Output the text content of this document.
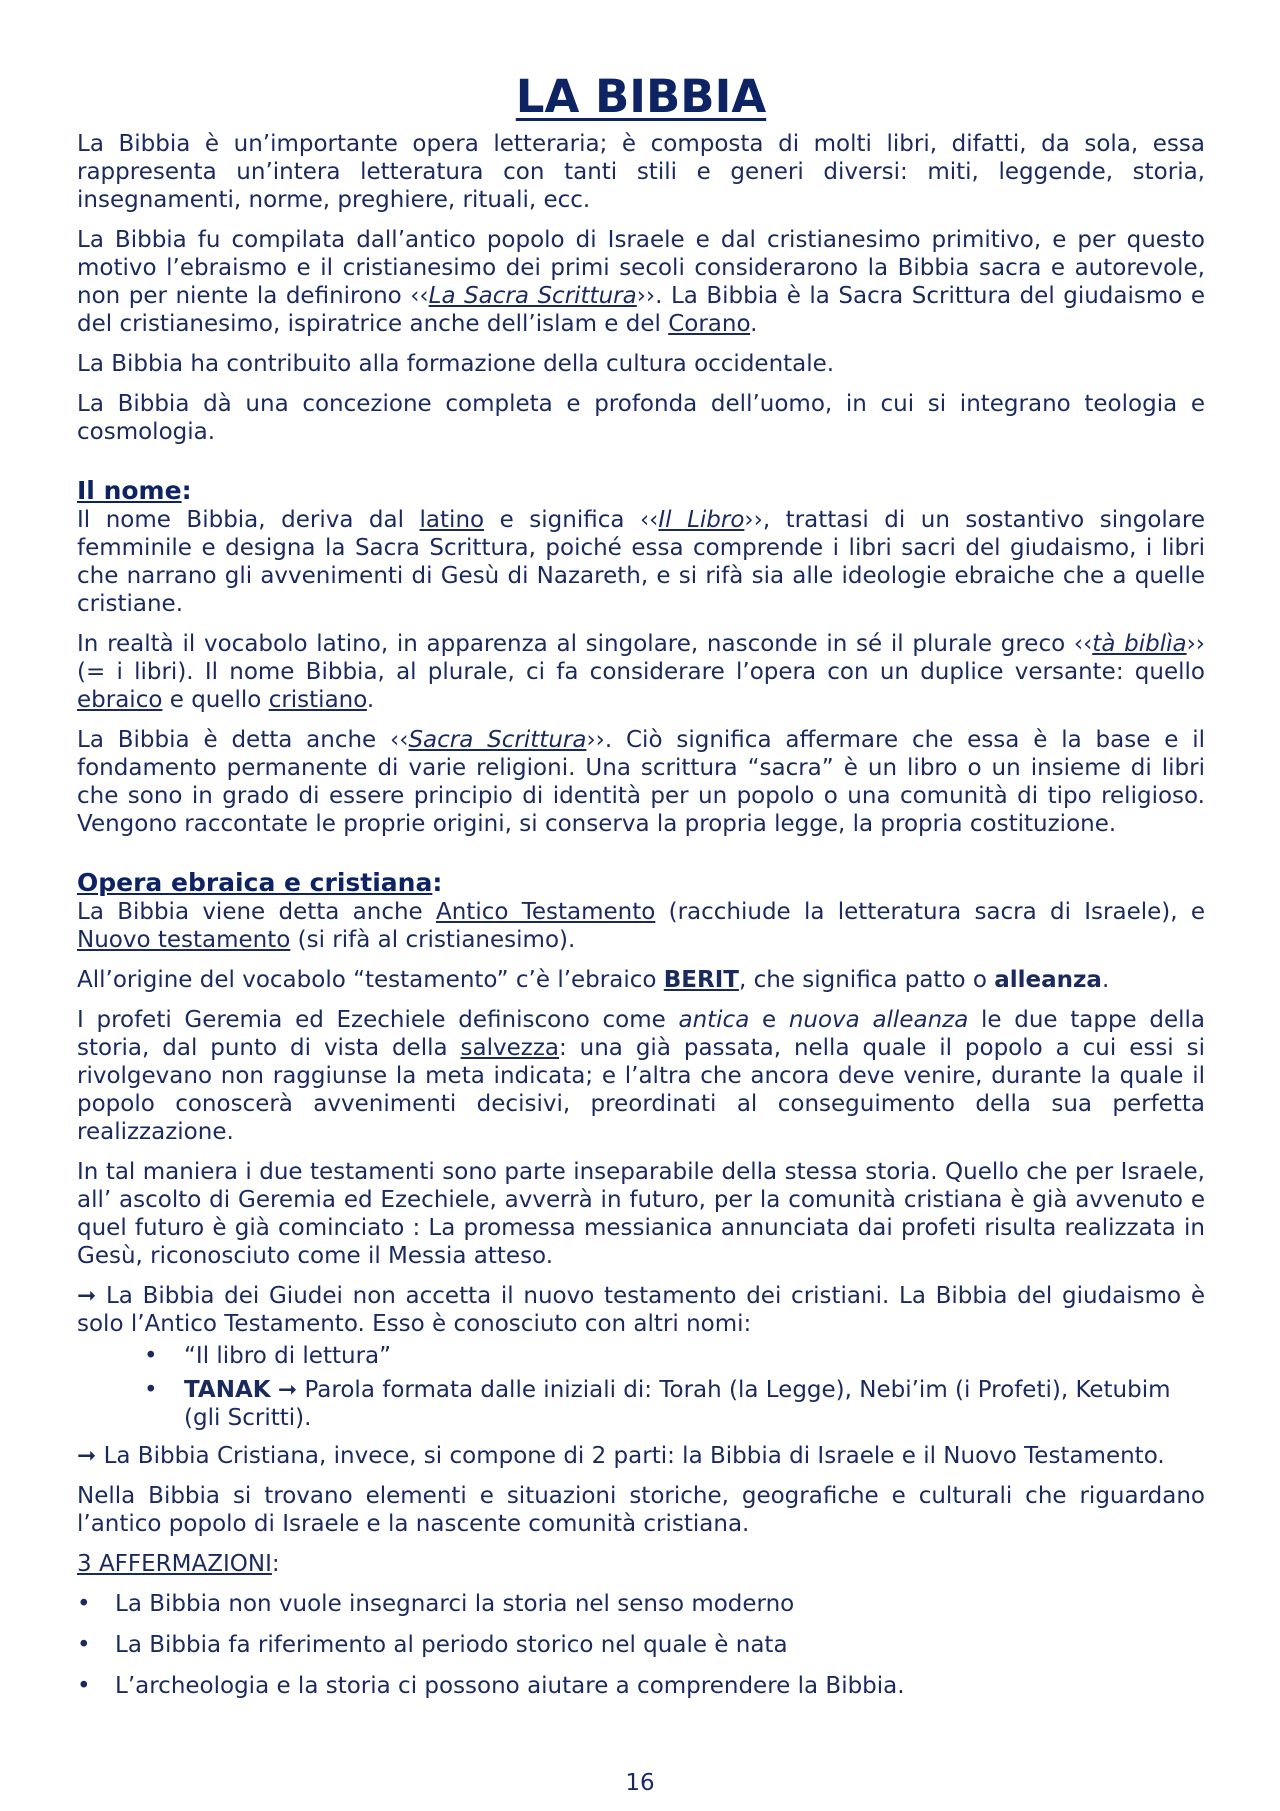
LA BIBBIA

La Bibbia è un’importante opera letteraria; è composta di molti libri, difatti, da sola, essa rappresenta un’intera letteratura con tanti stili e generi diversi: miti, leggende, storia, insegnamenti, norme, preghiere, rituali, ecc.

La Bibbia fu compilata dall’antico popolo di Israele e dal cristianesimo primitivo, e per questo motivo l’ebraismo e il cristianesimo dei primi secoli considerarono la Bibbia sacra e autorevole, non per niente la definirono ‹‹La Sacra Scrittura››. La Bibbia è la Sacra Scrittura del giudaismo e del cristianesimo, ispiratrice anche dell’islam e del Corano.

La Bibbia ha contribuito alla formazione della cultura occidentale.

La Bibbia dà una concezione completa e profonda dell’uomo, in cui si integrano teologia e cosmologia.

Il nome:

Il nome Bibbia, deriva dal latino e significa ‹‹Il Libro››, trattasi di un sostantivo singolare femminile e designa la Sacra Scrittura, poiché essa comprende i libri sacri del giudaismo, i libri che narrano gli avvenimenti di Gesù di Nazareth, e si rifà sia alle ideologie ebraiche che a quelle cristiane.

In realtà il vocabolo latino, in apparenza al singolare, nasconde in sé il plurale greco ‹‹tà biblìa›› (= i libri). Il nome Bibbia, al plurale, ci fa considerare l’opera con un duplice versante: quello ebraico e quello cristiano.

La Bibbia è detta anche ‹‹Sacra Scrittura››. Ciò significa affermare che essa è la base e il fondamento permanente di varie religioni. Una scrittura “sacra” è un libro o un insieme di libri che sono in grado di essere principio di identità per un popolo o una comunità di tipo religioso. Vengono raccontate le proprie origini, si conserva la propria legge, la propria costituzione.

Opera ebraica e cristiana:

La Bibbia viene detta anche Antico Testamento (racchiude la letteratura sacra di Israele), e Nuovo testamento (si rifà al cristianesimo).

All’origine del vocabolo “testamento” c’è l’ebraico BERIT, che significa patto o alleanza.

I profeti Geremia ed Ezechiele definiscono come antica e nuova alleanza le due tappe della storia, dal punto di vista della salvezza: una già passata, nella quale il popolo a cui essi si rivolgevano non raggiunse la meta indicata; e l’altra che ancora deve venire, durante la quale il popolo conoscerà avvenimenti decisivi, preordinati al conseguimento della sua perfetta realizzazione.

In tal maniera i due testamenti sono parte inseparabile della stessa storia. Quello che per Israele, all’ ascolto di Geremia ed Ezechiele, avverrà in futuro, per la comunità cristiana è già avvenuto e quel futuro è già cominciato : La promessa messianica annunciata dai profeti risulta realizzata in Gesù, riconosciuto come il Messia atteso.

➞ La Bibbia dei Giudei non accetta il nuovo testamento dei cristiani. La Bibbia del giudaismo è solo l’Antico Testamento. Esso è conosciuto con altri nomi:

• “Il libro di lettura”
• TANAK ➞ Parola formata dalle iniziali di: Torah (la Legge), Nebi’im (i Profeti), Ketubim (gli Scritti).

➞ La Bibbia Cristiana, invece, si compone di 2 parti: la Bibbia di Israele e il Nuovo Testamento.

Nella Bibbia si trovano elementi e situazioni storiche, geografiche e culturali che riguardano l’antico popolo di Israele e la nascente comunità cristiana.

3 AFFERMAZIONI:

• La Bibbia non vuole insegnarci la storia nel senso moderno
• La Bibbia fa riferimento al periodo storico nel quale è nata
• L’archeologia e la storia ci possono aiutare a comprendere la Bibbia.
16
